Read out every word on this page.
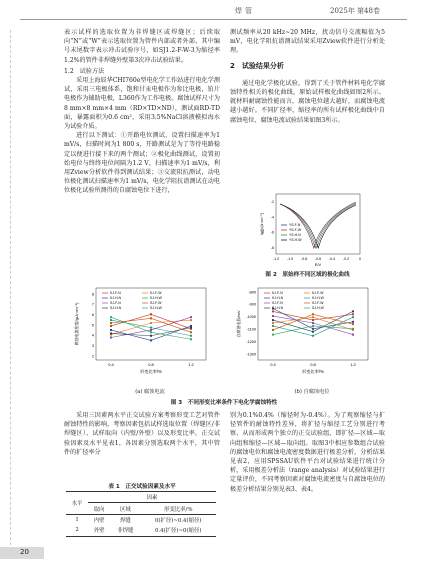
焊管	2025年 第48卷

表示试样的选取位置为非焊缝区或焊缝区；后续取向“N”或“W”表示选取位置为管件内部或者外部，其中编号末尾数字表示冲击试验序号，如SJ1.2-F-W-3为缩径率1.2%的管件非焊缝外壁第3次冲击试验结果。

1.2　试验方法

采用上海辰华CHI760e型电化学工作站进行电化学测试，采用三电极体系，饱和甘汞电极作为参比电极，铂片电极作为辅助电极，L360作为工作电极。腐蚀试样尺寸为8 mm×8 mm×4 mm（RD×TD×ND），测试面RD-TD面，暴露面积为0.6 cm²，采用3.5%NaCl溶液模拟海水为试验介质。

进行以下测试：①开路电位测试，设置扫描速率为1 mV/s，扫描时间为1 800 s，开路测试是为了等待电路稳定以便进行接下来的两个测试；②极化曲线测试，设置初始电位与终终电位间隔为1.2 V，扫描速率为1 mV/s，利用Zview分析软件得到测试结果；③交流阻抗测试，动电位极化测试扫描速率为1 mV/s，电化学阻抗谱测试在动电位极化试验所测得的自腐蚀电位下进行，

测试频率从20 kHz~20 MHz，扰动信号交流幅值为5 mV，电化学阻抗谱测试结果采用Zview软件进行分析处理。

2　试验结果分析

通过电化学极化试验，得到了关于管件材料电化学腐蚀特性相关的极化曲线，原始试样极化曲线如图2所示。就材料耐腐蚀性能而言，腐蚀电位越大越好，而腐蚀电流越小越好。不同扩径率、缩径率的所有试样极化曲线中自腐蚀电位、腐蚀电流试验结果如图3所示。

-1.2 -1.0 -0.8 -0.6 -0.4 -0.2	0
-2
-4
-6
-8
E/V
lg(j)/(A·cm⁻²)	YS-F-N
YS-F-W
YS-H-N
YS-H-W
图 2　原始样不同区域的极化曲线
0.4	0.8	1.2
2
3
4
5
6
7
8
形变比率/%
腐蚀电流密度/(μA·cm⁻²)
KJ-F-N	KJ-F-W
KJ-H-N	KJ-H-W
SJ-F-N	SJ-F-W
SJ-H-N	SJ-H-W
(a) 腐蚀电流
0.4	0.8	1.2
-800
-900
-1000
-1100
-1200
-1300
形变比率/%
自腐蚀电位/mV
KJ-F-N	KJ-F-W
KJ-H-N	KJ-H-W
SJ-F-N	SJ-F-W
SJ-H-N	SJ-H-W
(b) 自腐蚀电位
图 3　不同形变比率条件下电化学腐蚀特性

采用三因素两水平正交试验方案考察形变工艺对管件耐蚀特性的影响，考察因素包括试样选取位置（焊缝区/非焊缝区）、试样取向（内壁/外壁）以及形变比率，正交试验因素及水平见表1，各因素分别选取两个水平，其中管件的扩径率分

表 1　正交试验因素及水平
水平	因素		
	取向	区域	形变比率/%
1	内壁	焊缝	0(扩径)~0.4(缩径)
2	外壁	非焊缝	0.4(扩径)~0(缩径)

别为0.1%0.4%（缩径时为-0.4%）。为了观察缩径与扩径管件的耐蚀特性差异，将扩径与缩径工艺分别进行考察，从而形成两个独立的正交试验组，即扩径—区域—取向组和缩径—区域—取向组。取图3中相应参数组合试验的腐蚀电位和腐蚀电流密度数据进行极差分析，分析结果见表2，应用SPSSAU软件平台对试验结果进行统计分析，采用极差分析法（range analysis）对试验结果进行定量评价，不同考察因素对腐蚀电流密度与自腐蚀电位的极差分析结果分别见表3、表4。

20
